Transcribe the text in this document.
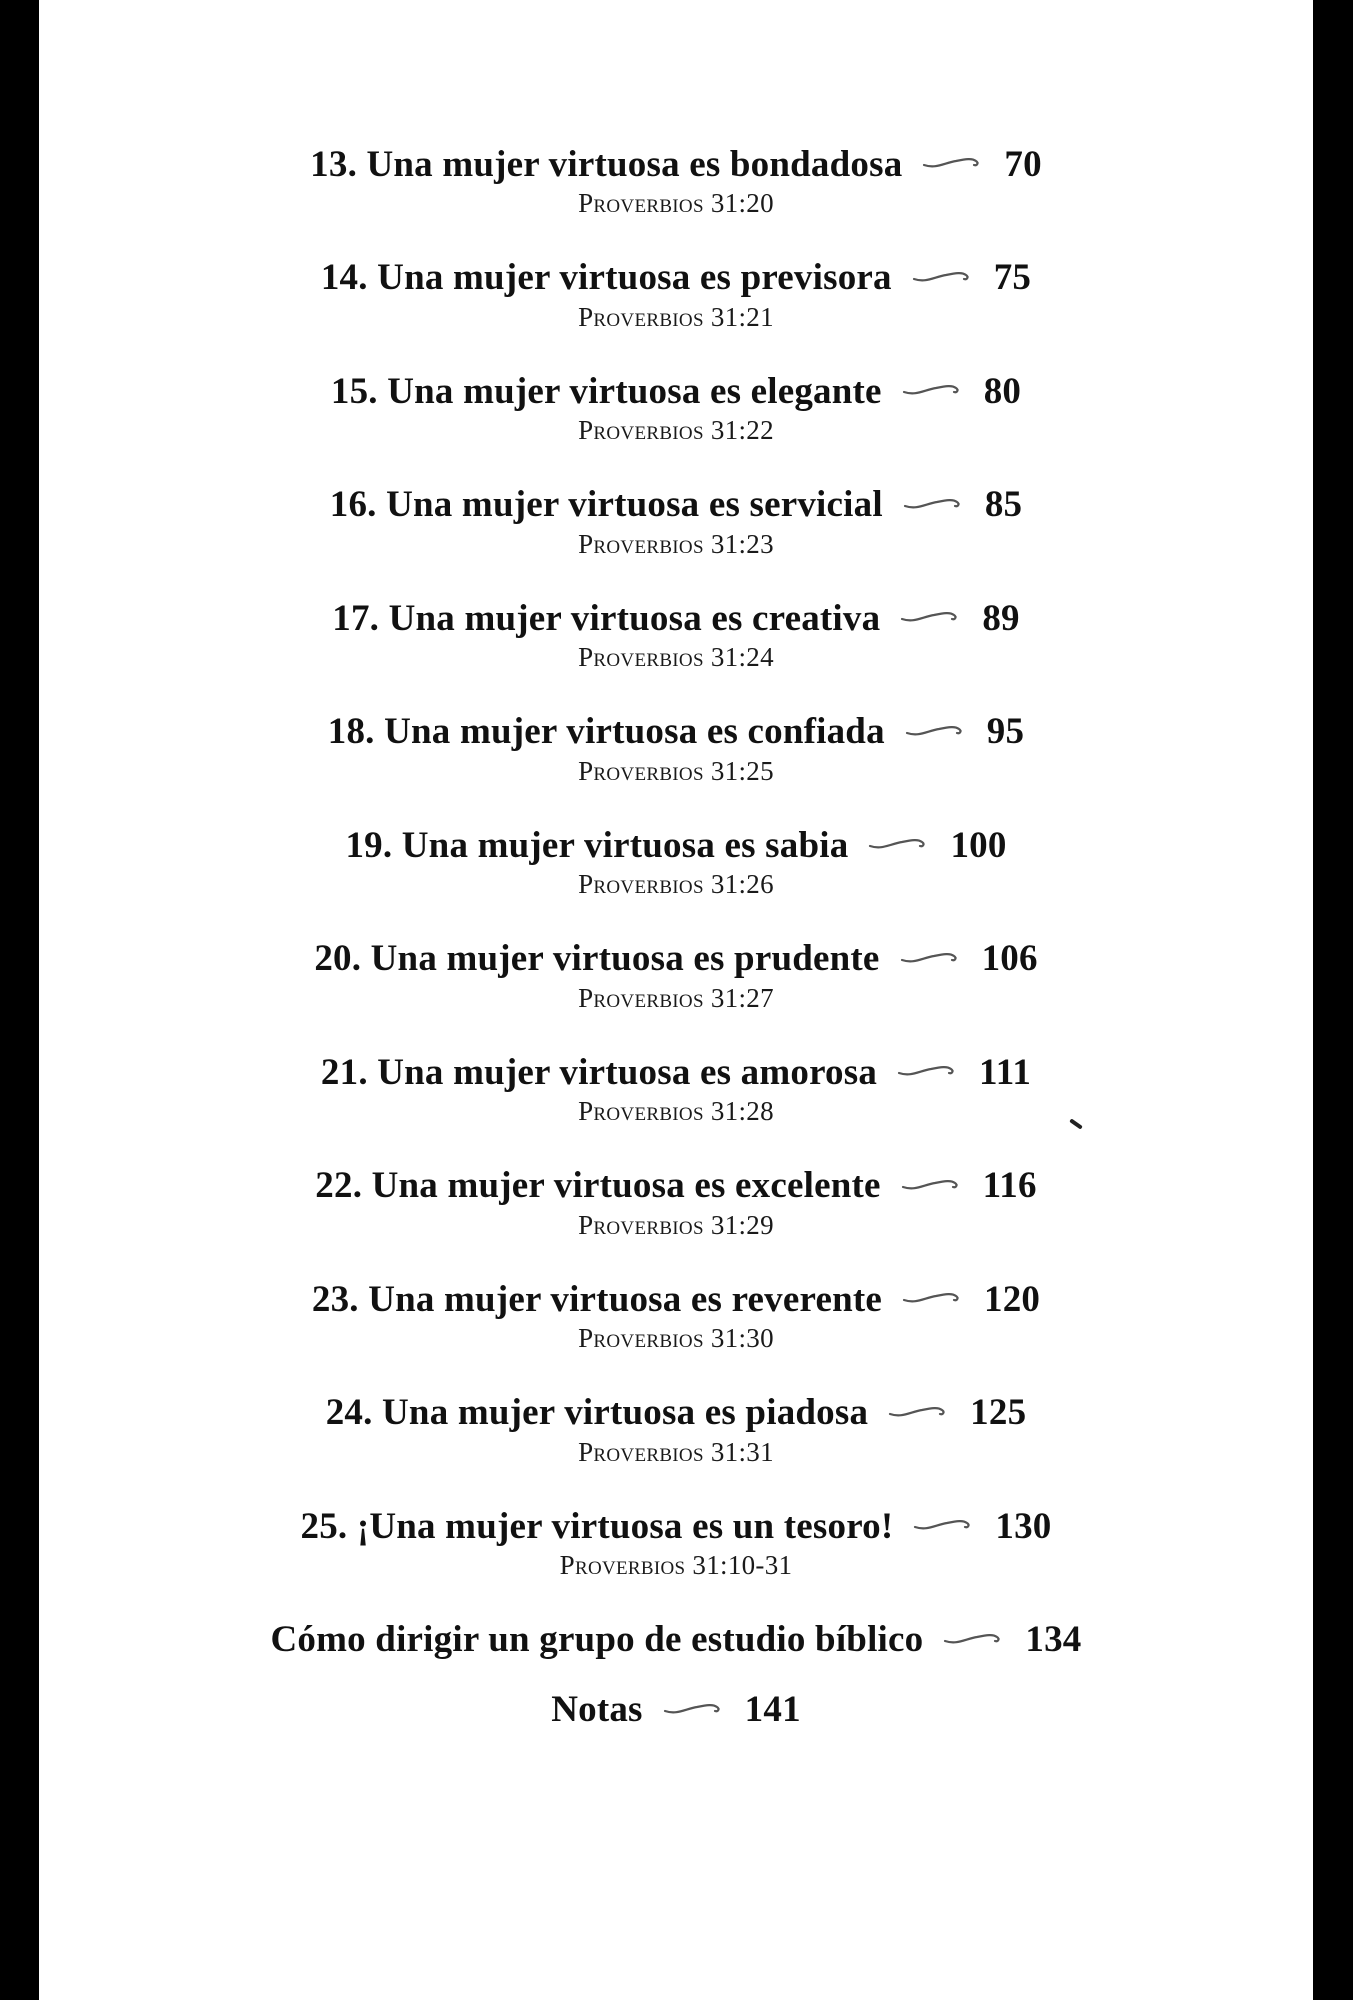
13.
Una mujer virtuosa es bondadosa	70
Proverbios 31:20
14.
Una mujer virtuosa es previsora	75
Proverbios 31:21
15.
Una mujer virtuosa es elegante	80
Proverbios 31:22
16.
Una mujer virtuosa es servicial	85
Proverbios 31:23
17.
Una mujer virtuosa es creativa	89
Proverbios 31:24
18.
Una mujer virtuosa es confiada	95
Proverbios 31:25
19.
Una mujer virtuosa es sabia	100
Proverbios 31:26
20.
Una mujer virtuosa es prudente	106
Proverbios 31:27
21.
Una mujer virtuosa es amorosa	111
Proverbios 31:28
22.
Una mujer virtuosa es excelente	116
Proverbios 31:29
23.
Una mujer virtuosa es reverente	120
Proverbios 31:30
24.
Una mujer virtuosa es piadosa	125
Proverbios 31:31
25.
¡Una mujer virtuosa es un tesoro!	130
Proverbios 31:10-31
Cómo dirigir un grupo de estudio bíblico	134
Notas	141
